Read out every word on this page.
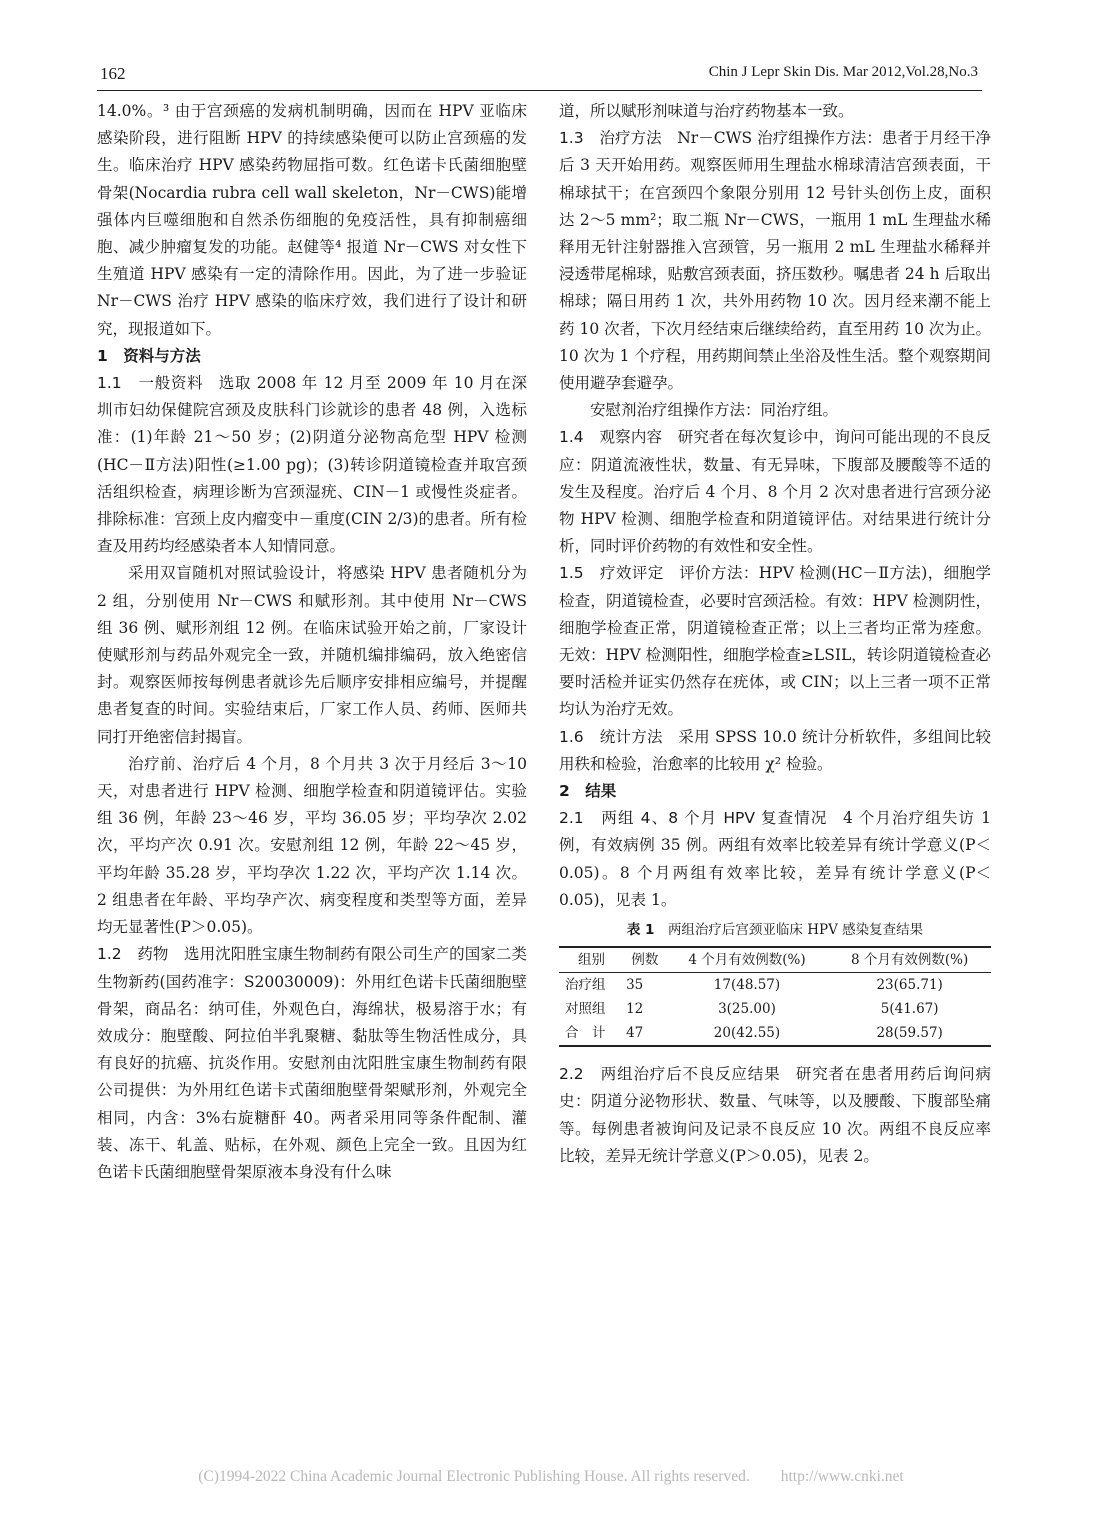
162	Chin J Lepr Skin Dis. Mar 2012,Vol.28,No.3

14.0%。³ 由于宫颈癌的发病机制明确，因而在 HPV 亚临床感染阶段，进行阻断 HPV 的持续感染便可以防止宫颈癌的发生。临床治疗 HPV 感染药物屈指可数。红色诺卡氏菌细胞壁骨架(Nocardia rubra cell wall skeleton，Nr－CWS)能增强体内巨噬细胞和自然杀伤细胞的免疫活性，具有抑制癌细胞、减少肿瘤复发的功能。赵健等⁴ 报道 Nr－CWS 对女性下生殖道 HPV 感染有一定的清除作用。因此，为了进一步验证 Nr－CWS 治疗 HPV 感染的临床疗效，我们进行了设计和研究，现报道如下。

1　资料与方法

1.1　一般资料 选取 2008 年 12 月至 2009 年 10 月在深圳市妇幼保健院宫颈及皮肤科门诊就诊的患者 48 例，入选标准：(1)年龄 21～50 岁；(2)阴道分泌物高危型 HPV 检测(HC－Ⅱ方法)阳性(≥1.00 pg)；(3)转诊阴道镜检查并取宫颈活组织检查，病理诊断为宫颈湿疣、CIN－1 或慢性炎症者。排除标准：宫颈上皮内瘤变中－重度(CIN 2/3)的患者。所有检查及用药均经感染者本人知情同意。

采用双盲随机对照试验设计，将感染 HPV 患者随机分为 2 组，分别使用 Nr－CWS 和赋形剂。其中使用 Nr－CWS 组 36 例、赋形剂组 12 例。在临床试验开始之前，厂家设计使赋形剂与药品外观完全一致，并随机编排编码，放入绝密信封。观察医师按每例患者就诊先后顺序安排相应编号，并提醒患者复查的时间。实验结束后，厂家工作人员、药师、医师共同打开绝密信封揭盲。

治疗前、治疗后 4 个月，8 个月共 3 次于月经后 3～10 天，对患者进行 HPV 检测、细胞学检查和阴道镜评估。实验组 36 例，年龄 23～46 岁，平均 36.05 岁；平均孕次 2.02 次，平均产次 0.91 次。安慰剂组 12 例，年龄 22～45 岁，平均年龄 35.28 岁，平均孕次 1.22 次，平均产次 1.14 次。2 组患者在年龄、平均孕产次、病变程度和类型等方面，差异均无显著性(P＞0.05)。

1.2　药物 选用沈阳胜宝康生物制药有限公司生产的国家二类生物新药(国药准字：S20030009)：外用红色诺卡氏菌细胞壁骨架，商品名：纳可佳，外观色白，海绵状，极易溶于水；有效成分：胞壁酸、阿拉伯半乳聚糖、黏肽等生物活性成分，具有良好的抗癌、抗炎作用。安慰剂由沈阳胜宝康生物制药有限公司提供：为外用红色诺卡式菌细胞壁骨架赋形剂，外观完全相同，内含：3%右旋糖酐 40。两者采用同等条件配制、灌装、冻干、轧盖、贴标，在外观、颜色上完全一致。且因为红色诺卡氏菌细胞壁骨架原液本身没有什么味

道，所以赋形剂味道与治疗药物基本一致。

1.3　治疗方法 Nr－CWS 治疗组操作方法：患者于月经干净后 3 天开始用药。观察医师用生理盐水棉球清洁宫颈表面，干棉球拭干；在宫颈四个象限分别用 12 号针头创伤上皮，面积达 2～5 mm²；取二瓶 Nr－CWS，一瓶用 1 mL 生理盐水稀释用无针注射器推入宫颈管，另一瓶用 2 mL 生理盐水稀释并浸透带尾棉球，贴敷宫颈表面，挤压数秒。嘱患者 24 h 后取出棉球；隔日用药 1 次，共外用药物 10 次。因月经来潮不能上药 10 次者，下次月经结束后继续给药，直至用药 10 次为止。10 次为 1 个疗程，用药期间禁止坐浴及性生活。整个观察期间使用避孕套避孕。

安慰剂治疗组操作方法：同治疗组。

1.4　观察内容 研究者在每次复诊中，询问可能出现的不良反应：阴道流液性状，数量、有无异味，下腹部及腰酸等不适的发生及程度。治疗后 4 个月、8 个月 2 次对患者进行宫颈分泌物 HPV 检测、细胞学检查和阴道镜评估。对结果进行统计分析，同时评价药物的有效性和安全性。

1.5　疗效评定 评价方法：HPV 检测(HC－Ⅱ方法)，细胞学检查，阴道镜检查，必要时宫颈活检。有效：HPV 检测阴性，细胞学检查正常，阴道镜检查正常；以上三者均正常为痊愈。无效：HPV 检测阳性，细胞学检查≥LSIL，转诊阴道镜检查必要时活检并证实仍然存在疣体，或 CIN；以上三者一项不正常均认为治疗无效。

1.6　统计方法 采用 SPSS 10.0 统计分析软件，多组间比较用秩和检验，治愈率的比较用 χ² 检验。

2　结果

2.1　两组 4、8 个月 HPV 复查情况 4 个月治疗组失访 1 例，有效病例 35 例。两组有效率比较差异有统计学意义(P＜0.05)。8 个月两组有效率比较，差异有统计学意义(P＜0.05)，见表 1。

表 1　 两组治疗后宫颈亚临床 HPV 感染复查结果
组别	例数	4 个月有效例数(%)	8 个月有效例数(%)
治疗组	35	17(48.57)	23(65.71)
对照组	12	3(25.00)	5(41.67)
合　计	47	20(42.55)	28(59.57)

2.2　两组治疗后不良反应结果 研究者在患者用药后询问病史：阴道分泌物形状、数量、气味等，以及腰酸、下腹部坠痛等。每例患者被询问及记录不良反应 10 次。两组不良反应率比较，差异无统计学意义(P＞0.05)，见表 2。

(C)1994-2022 China Academic Journal Electronic Publishing House. All rights reserved.　　http://www.cnki.net
